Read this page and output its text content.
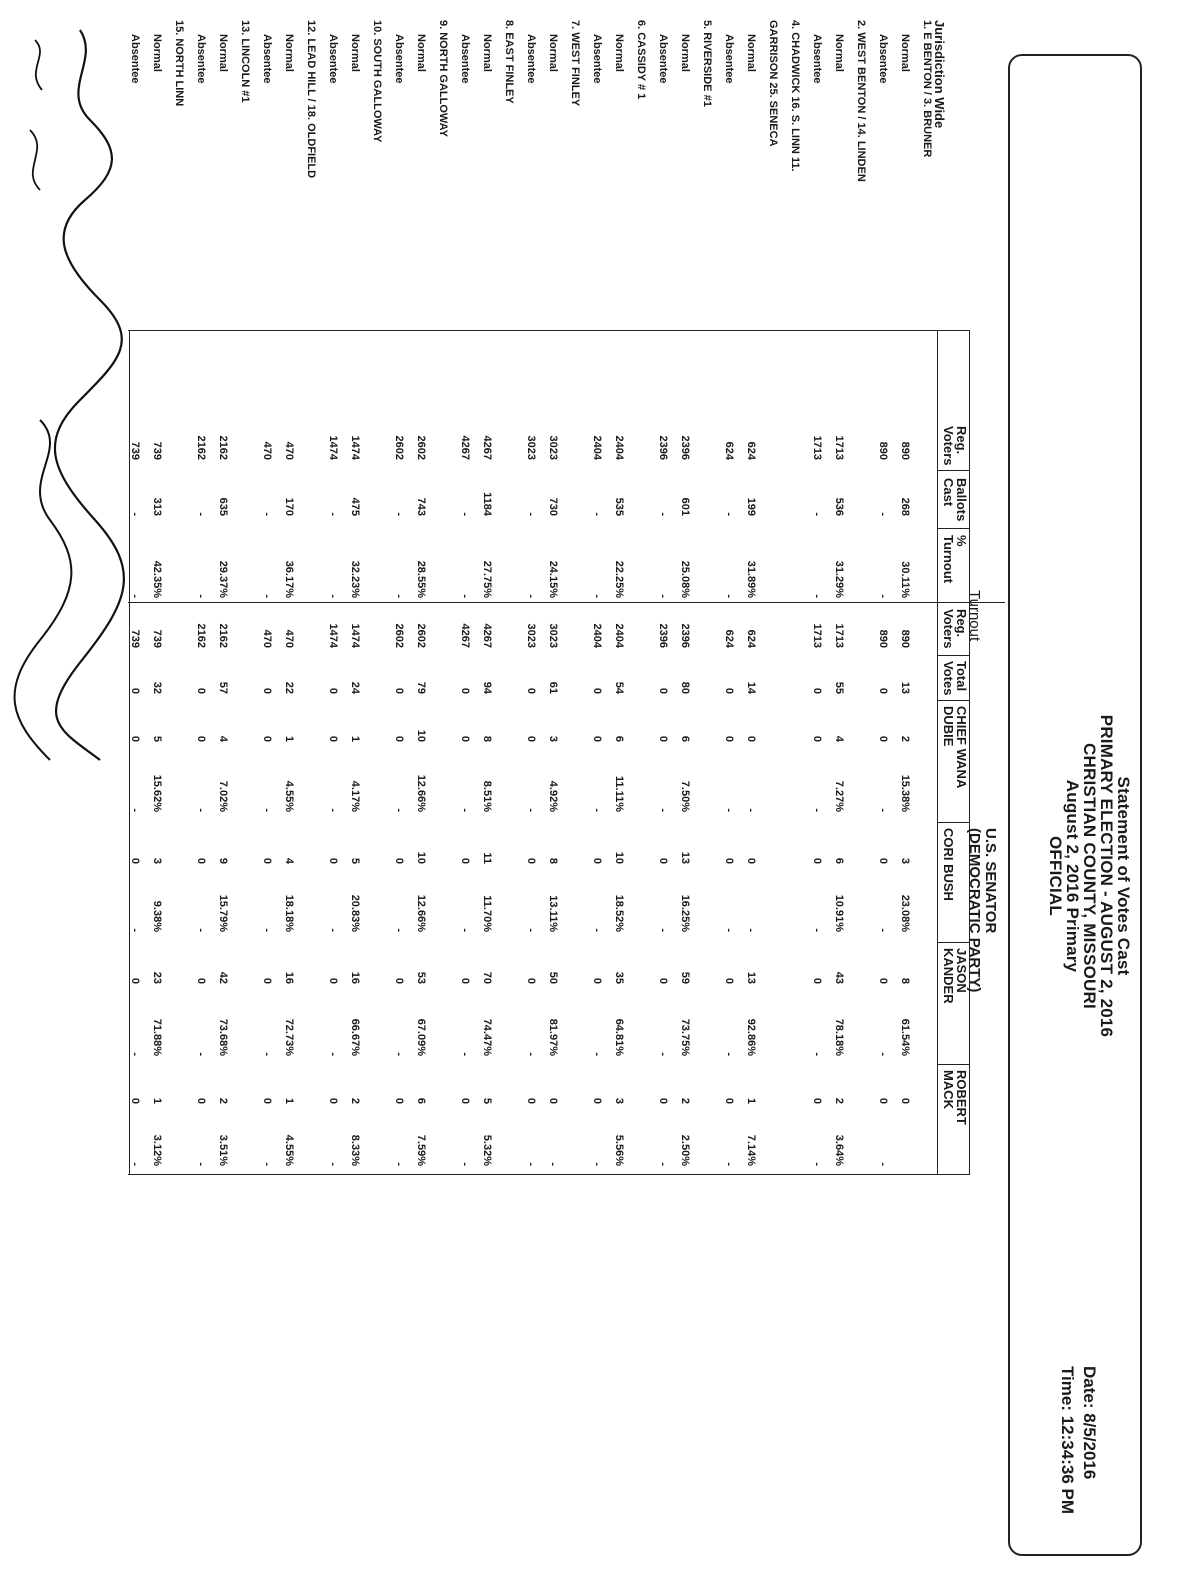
Statement of Votes Cast
PRIMARY ELECTION - AUGUST 2, 2016
CHRISTIAN COUNTY, MISSOURI
August 2, 2016 Primary
OFFICIAL
Date: 8/5/2016
Time: 12:34:36 PM
Turnout
U.S. SENATOR
(DEMOCRATIC PARTY)
Jurisdiction Wide
Reg.
Voters
Ballots
Cast
%
Turnout
Reg.
Voters
Total
Votes
CHIEF WANA
DUBIE
CORI BUSH
JASON
KANDER
ROBERT
MACK
1. E BENTON / 3. BRUNER
Normal
890
268
30.11%
890
13
2
15.38%
3
23.08%
8
61.54%
0
Absentee
890
-
-
890
0
0
-
0
-
0
-
0
-
2. WEST BENTON / 14. LINDEN
Normal
1713
536
31.29%
1713
55
4
7.27%
6
10.91%
43
78.18%
2
3.64%
Absentee
1713
-
-
1713
0
0
-
0
-
0
-
0
-
4. CHADWICK 16. S. LINN 11.
GARRISON 25. SENECA
Normal
624
199
31.89%
624
14
0
-
0
-
13
92.86%
1
7.14%
Absentee
624
-
-
624
0
0
-
0
-
0
-
0
-
5. RIVERSIDE #1
Normal
2396
601
25.08%
2396
80
6
7.50%
13
16.25%
59
73.75%
2
2.50%
Absentee
2396
-
-
2396
0
0
-
0
-
0
-
0
-
6. CASSIDY # 1
Normal
2404
535
22.25%
2404
54
6
11.11%
10
18.52%
35
64.81%
3
5.56%
Absentee
2404
-
-
2404
0
0
-
0
-
0
-
0
-
7. WEST FINLEY
Normal
3023
730
24.15%
3023
61
3
4.92%
8
13.11%
50
81.97%
0
-
Absentee
3023
-
-
3023
0
0
-
0
-
0
-
0
-
8. EAST FINLEY
Normal
4267
1184
27.75%
4267
94
8
8.51%
11
11.70%
70
74.47%
5
5.32%
Absentee
4267
-
-
4267
0
0
-
0
-
0
-
0
-
9. NORTH GALLOWAY
Normal
2602
743
28.55%
2602
79
10
12.66%
10
12.66%
53
67.09%
6
7.59%
Absentee
2602
-
-
2602
0
0
-
0
-
0
-
0
-
10. SOUTH GALLOWAY
Normal
1474
475
32.23%
1474
24
1
4.17%
5
20.83%
16
66.67%
2
8.33%
Absentee
1474
-
-
1474
0
0
-
0
-
0
-
0
-
12. LEAD HILL / 18. OLDFIELD
Normal
470
170
36.17%
470
22
1
4.55%
4
18.18%
16
72.73%
1
4.55%
Absentee
470
-
-
470
0
0
-
0
-
0
-
0
-
13. LINCOLN #1
Normal
2162
635
29.37%
2162
57
4
7.02%
9
15.79%
42
73.68%
2
3.51%
Absentee
2162
-
-
2162
0
0
-
0
-
0
-
0
-
15. NORTH LINN
Normal
739
313
42.35%
739
32
5
15.62%
3
9.38%
23
71.88%
1
3.12%
Absentee
739
-
-
739
0
0
-
0
-
0
-
0
-
